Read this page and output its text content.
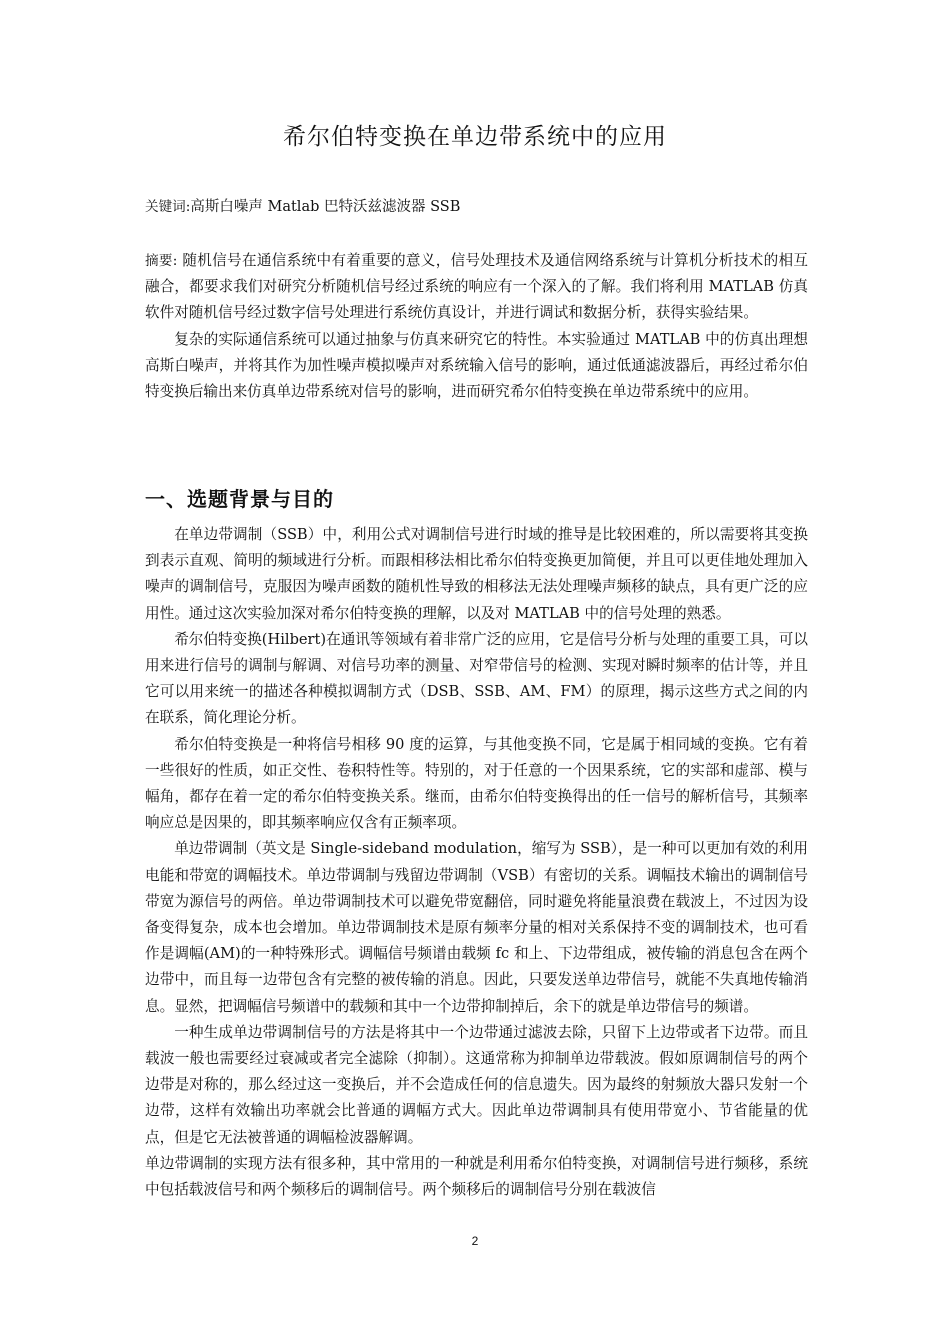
希尔伯特变换在单边带系统中的应用
关键词:高斯白噪声 Matlab 巴特沃兹滤波器 SSB

摘要: 随机信号在通信系统中有着重要的意义，信号处理技术及通信网络系统与计算机分析技术的相互融合，都要求我们对研究分析随机信号经过系统的响应有一个深入的了解。我们将利用 MATLAB 仿真软件对随机信号经过数字信号处理进行系统仿真设计，并进行调试和数据分析，获得实验结果。

复杂的实际通信系统可以通过抽象与仿真来研究它的特性。本实验通过 MATLAB 中的仿真出理想高斯白噪声，并将其作为加性噪声模拟噪声对系统输入信号的影响，通过低通滤波器后，再经过希尔伯特变换后输出来仿真单边带系统对信号的影响，进而研究希尔伯特变换在单边带系统中的应用。

一、选题背景与目的

在单边带调制（SSB）中，利用公式对调制信号进行时域的推导是比较困难的，所以需要将其变换到表示直观、简明的频域进行分析。而跟相移法相比希尔伯特变换更加简便，并且可以更佳地处理加入噪声的调制信号，克服因为噪声函数的随机性导致的相移法无法处理噪声频移的缺点，具有更广泛的应用性。通过这次实验加深对希尔伯特变换的理解，以及对 MATLAB 中的信号处理的熟悉。

希尔伯特变换(Hilbert)在通讯等领域有着非常广泛的应用，它是信号分析与处理的重要工具，可以用来进行信号的调制与解调、对信号功率的测量、对窄带信号的检测、实现对瞬时频率的估计等，并且它可以用来统一的描述各种模拟调制方式（DSB、SSB、AM、FM）的原理，揭示这些方式之间的内在联系，简化理论分析。

希尔伯特变换是一种将信号相移 90 度的运算，与其他变换不同，它是属于相同域的变换。它有着一些很好的性质，如正交性、卷积特性等。特别的，对于任意的一个因果系统，它的实部和虚部、模与幅角，都存在着一定的希尔伯特变换关系。继而，由希尔伯特变换得出的任一信号的解析信号，其频率响应总是因果的，即其频率响应仅含有正频率项。

单边带调制（英文是 Single-sideband modulation，缩写为 SSB），是一种可以更加有效的利用电能和带宽的调幅技术。单边带调制与残留边带调制（VSB）有密切的关系。调幅技术输出的调制信号带宽为源信号的两倍。单边带调制技术可以避免带宽翻倍，同时避免将能量浪费在载波上，不过因为设备变得复杂，成本也会增加。单边带调制技术是原有频率分量的相对关系保持不变的调制技术，也可看作是调幅(AM)的一种特殊形式。调幅信号频谱由载频 fc 和上、下边带组成，被传输的消息包含在两个边带中，而且每一边带包含有完整的被传输的消息。因此，只要发送单边带信号，就能不失真地传输消息。显然，把调幅信号频谱中的载频和其中一个边带抑制掉后，余下的就是单边带信号的频谱。

一种生成单边带调制信号的方法是将其中一个边带通过滤波去除，只留下上边带或者下边带。而且载波一般也需要经过衰减或者完全滤除（抑制）。这通常称为抑制单边带载波。假如原调制信号的两个边带是对称的，那么经过这一变换后，并不会造成任何的信息遗失。因为最终的射频放大器只发射一个边带，这样有效输出功率就会比普通的调幅方式大。因此单边带调制具有使用带宽小、节省能量的优点，但是它无法被普通的调幅检波器解调。

单边带调制的实现方法有很多种，其中常用的一种就是利用希尔伯特变换，对调制信号进行频移，系统中包括载波信号和两个频移后的调制信号。两个频移后的调制信号分别在载波信

2
